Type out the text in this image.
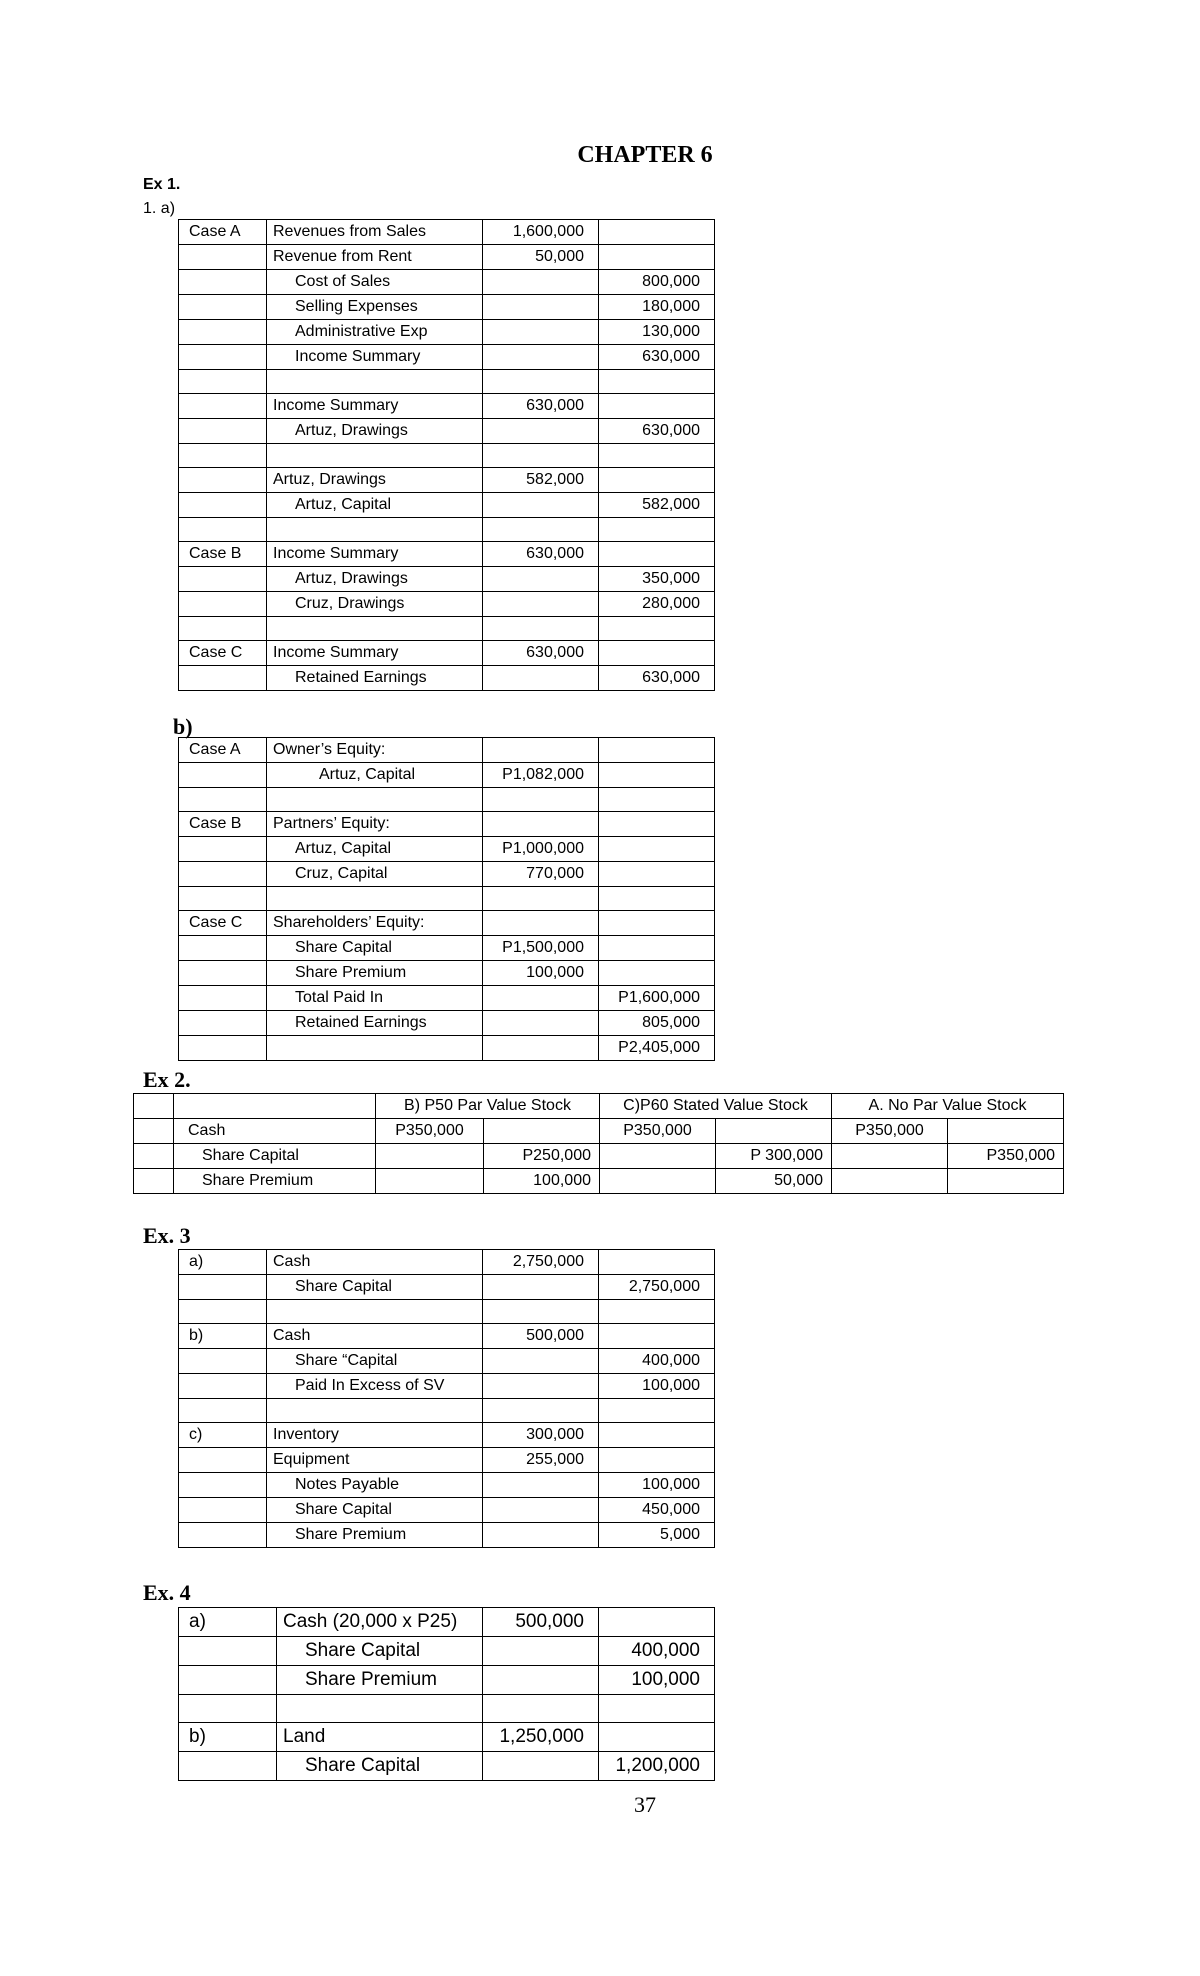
CHAPTER 6
Ex 1.
1. a)
Case A	Revenues from Sales	1,600,000	
	Revenue from Rent	50,000	
	Cost of Sales		800,000
	Selling Expenses		180,000
	Administrative Exp		130,000
	Income Summary		630,000

	Income Summary	630,000	
	Artuz, Drawings		630,000

	Artuz, Drawings	582,000	
	Artuz, Capital		582,000

Case B	Income Summary	630,000	
	Artuz, Drawings		350,000
	Cruz, Drawings		280,000

Case C	Income Summary	630,000	
	Retained Earnings		630,000
b)
Case A	Owner’s Equity:		
	Artuz, Capital	P1,082,000	

Case B	Partners’ Equity:		
	Artuz, Capital	P1,000,000	
	Cruz, Capital	770,000	

Case C	Shareholders’ Equity:		
	Share Capital	P1,500,000	
	Share Premium	100,000	
	Total Paid In		P1,600,000
	Retained Earnings		805,000
			P2,405,000
Ex 2.
		B) P50 Par Value Stock		C)P60 Stated Value Stock		A. No Par Value Stock	
	Cash	P350,000		P350,000		P350,000	
	Share Capital		P250,000		P 300,000		P350,000
	Share Premium		100,000		50,000		
Ex. 3
a)	Cash	2,750,000	
	Share Capital		2,750,000

b)	Cash	500,000	
	Share “Capital		400,000
	Paid In Excess of SV		100,000

c)	Inventory	300,000	
	Equipment	255,000	
	Notes Payable		100,000
	Share Capital		450,000
	Share Premium		5,000
Ex. 4
a)	Cash (20,000 x P25)	500,000	
	Share Capital		400,000
	Share Premium		100,000

b)	Land	1,250,000	
	Share Capital		1,200,000
37
